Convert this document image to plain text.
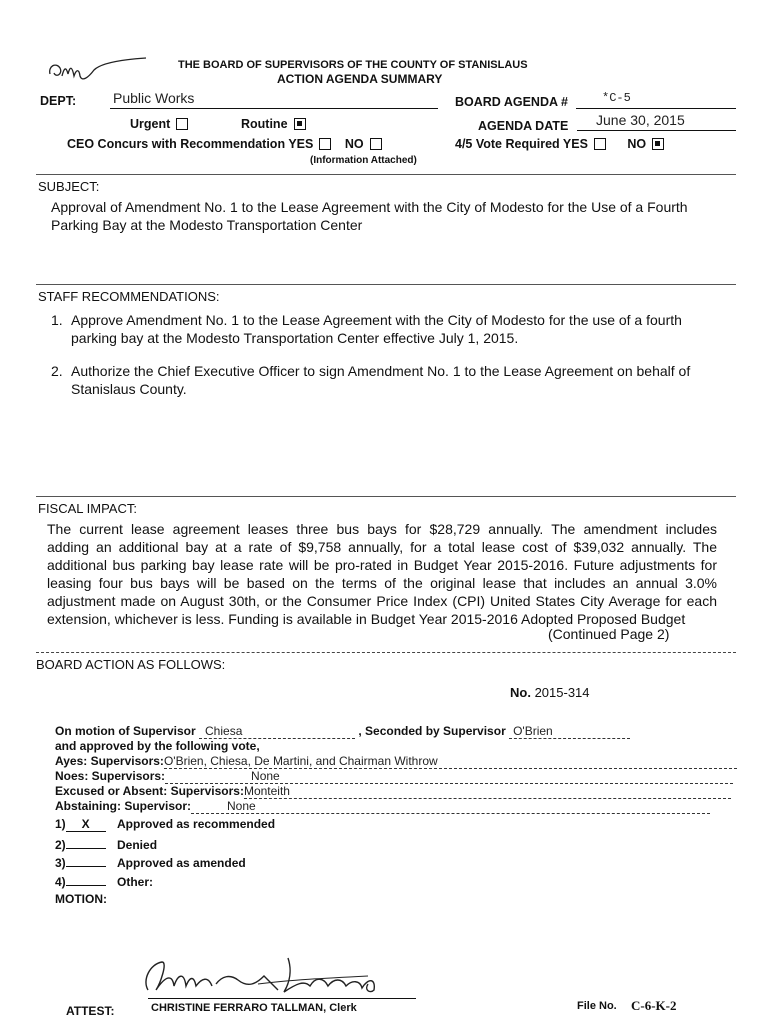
THE BOARD OF SUPERVISORS OF THE COUNTY OF STANISLAUS
ACTION AGENDA SUMMARY
DEPT:	Public Works	BOARD AGENDA #	*C-5
Urgent	Routine	AGENDA DATE June 30, 2015
CEO Concurs with Recommendation YES	NO
(Information Attached)
4/5 Vote Required YES	NO
SUBJECT:
Approval of Amendment No. 1 to the Lease Agreement with the City of Modesto for the Use of a Fourth Parking Bay at the Modesto Transportation Center
STAFF RECOMMENDATIONS:
1. Approve Amendment No. 1 to the Lease Agreement with the City of Modesto for the use of a fourth
parking bay at the Modesto Transportation Center effective July 1, 2015.
2. Authorize the Chief Executive Officer to sign Amendment No. 1 to the Lease Agreement on behalf of
Stanislaus County.
FISCAL IMPACT:
The current lease agreement leases three bus bays for $28,729 annually. The amendment includes
adding an additional bay at a rate of $9,758 annually, for a total lease cost of $39,032 annually. The
additional bus parking bay lease rate will be pro-rated in Budget Year 2015-2016. Future adjustments for
leasing four bus bays will be based on the terms of the original lease that includes an annual 3.0%
adjustment made on August 30th, or the Consumer Price Index (CPI) United States City Average for each
extension, whichever is less. Funding is available in Budget Year 2015-2016 Adopted Proposed Budget
(Continued Page 2)
BOARD ACTION AS FOLLOWS:
No. 2015-314
On motion of Supervisor Chiesa	, Seconded by Supervisor O'Brien
and approved by the following vote,
Ayes: Supervisors:O'Brien, Chiesa, De Martini, and Chairman Withrow
Noes: Supervisors:	None
Excused or Absent: Supervisors:Monteith
Abstaining: Supervisor:	None
1) X Approved as recommended
2)	Denied
3)	Approved as amended
4)	Other:
MOTION:
ATTEST:	CHRISTINE FERRARO TALLMAN, Clerk	File No. C-6-K-2
